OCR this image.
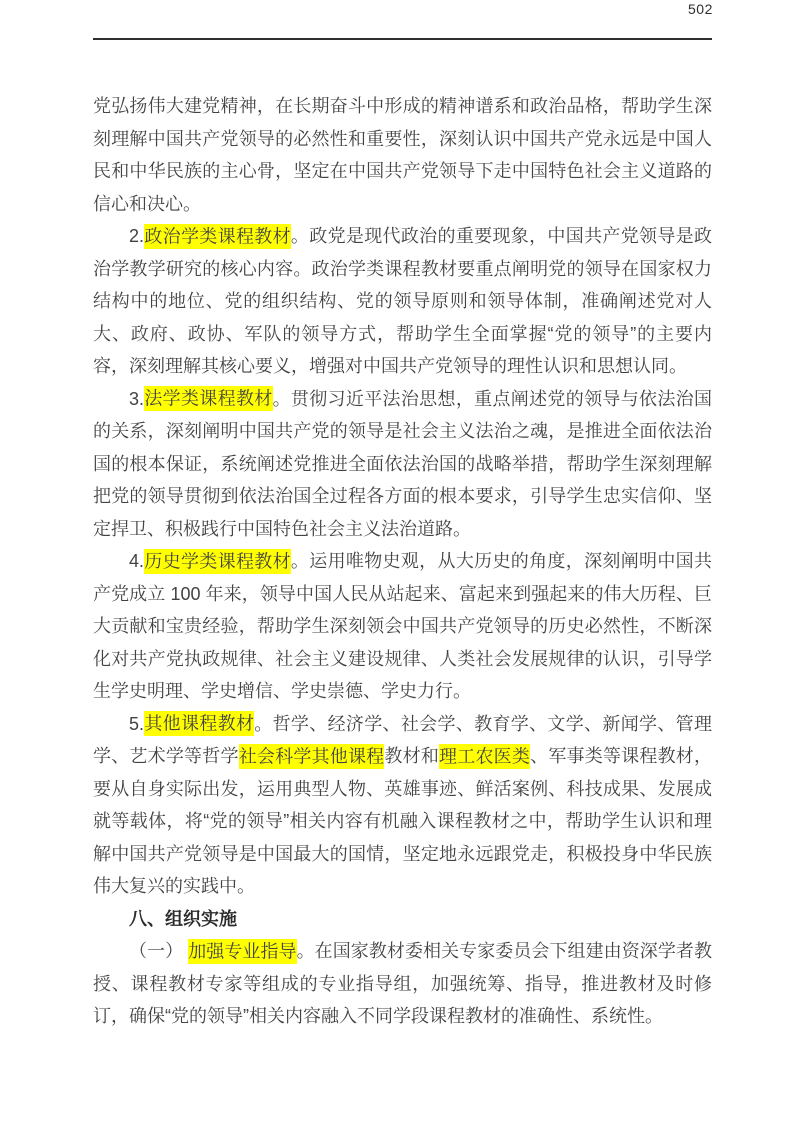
502

党弘扬伟大建党精神，在长期奋斗中形成的精神谱系和政治品格，帮助学生深刻理解中国共产党领导的必然性和重要性，深刻认识中国共产党永远是中国人民和中华民族的主心骨，坚定在中国共产党领导下走中国特色社会主义道路的信心和决心。

2.政治学类课程教材。政党是现代政治的重要现象，中国共产党领导是政治学教学研究的核心内容。政治学类课程教材要重点阐明党的领导在国家权力结构中的地位、党的组织结构、党的领导原则和领导体制，准确阐述党对人大、政府、政协、军队的领导方式，帮助学生全面掌握“党的领导”的主要内容，深刻理解其核心要义，增强对中国共产党领导的理性认识和思想认同。

3.法学类课程教材。贯彻习近平法治思想，重点阐述党的领导与依法治国的关系，深刻阐明中国共产党的领导是社会主义法治之魂，是推进全面依法治国的根本保证，系统阐述党推进全面依法治国的战略举措，帮助学生深刻理解把党的领导贯彻到依法治国全过程各方面的根本要求，引导学生忠实信仰、坚定捍卫、积极践行中国特色社会主义法治道路。

4.历史学类课程教材。运用唯物史观，从大历史的角度，深刻阐明中国共产党成立 100 年来，领导中国人民从站起来、富起来到强起来的伟大历程、巨大贡献和宝贵经验，帮助学生深刻领会中国共产党领导的历史必然性，不断深化对共产党执政规律、社会主义建设规律、人类社会发展规律的认识，引导学生学史明理、学史增信、学史崇德、学史力行。

5.其他课程教材。哲学、经济学、社会学、教育学、文学、新闻学、管理学、艺术学等哲学社会科学其他课程教材和理工农医类、军事类等课程教材，要从自身实际出发，运用典型人物、英雄事迹、鲜活案例、科技成果、发展成就等载体，将“党的领导”相关内容有机融入课程教材之中，帮助学生认识和理解中国共产党领导是中国最大的国情，坚定地永远跟党走，积极投身中华民族伟大复兴的实践中。

八、组织实施

（一） 加强专业指导。在国家教材委相关专家委员会下组建由资深学者教授、课程教材专家等组成的专业指导组，加强统筹、指导，推进教材及时修订，确保“党的领导”相关内容融入不同学段课程教材的准确性、系统性。
